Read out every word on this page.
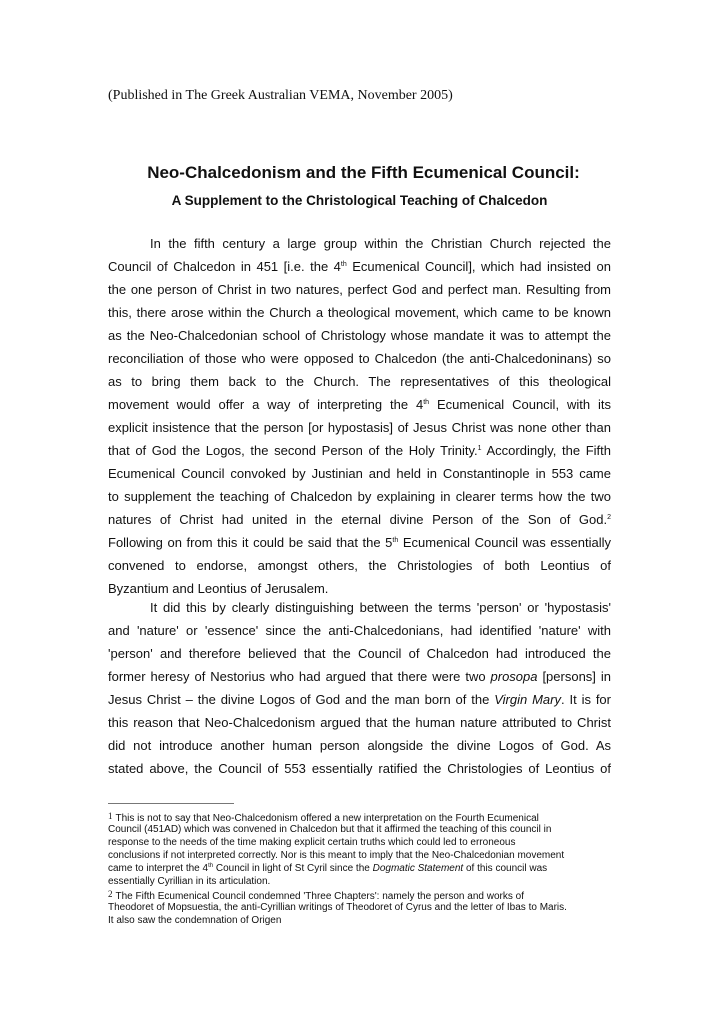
(Published in The Greek Australian VEMA, November 2005)
Neo-Chalcedonism and the Fifth Ecumenical Council:
A Supplement to the Christological Teaching of Chalcedon
In the fifth century a large group within the Christian Church rejected the
Council of Chalcedon in 451 [i.e. the 4th Ecumenical Council], which had insisted on
the one person of Christ in two natures, perfect God and perfect man. Resulting from
this, there arose within the Church a theological movement, which came to be known
as the Neo-Chalcedonian school of Christology whose mandate it was to attempt the
reconciliation of those who were opposed to Chalcedon (the anti-Chalcedoninans) so
as to bring them back to the Church. The representatives of this theological
movement would offer a way of interpreting the 4th Ecumenical Council, with its
explicit insistence that the person [or hypostasis] of Jesus Christ was none other than
that of God the Logos, the second Person of the Holy Trinity.$^1$ Accordingly, the Fifth
Ecumenical Council convoked by Justinian and held in Constantinople in 553 came
to supplement the teaching of Chalcedon by explaining in clearer terms how the two
natures of Christ had united in the eternal divine Person of the Son of God.$^2$
Following on from this it could be said that the 5th Ecumenical Council was essentially
convened to endorse, amongst others, the Christologies of both Leontius of
Byzantium and Leontius of Jerusalem.
It did this by clearly distinguishing between the terms 'person' or 'hypostasis'
and 'nature' or 'essence' since the anti-Chalcedonians, had identified 'nature' with
'person' and therefore believed that the Council of Chalcedon had introduced the
former heresy of Nestorius who had argued that there were two prosopa [persons] in
Jesus Christ – the divine Logos of God and the man born of the Virgin Mary. It is for
this reason that Neo-Chalcedonism argued that the human nature attributed to Christ
did not introduce another human person alongside the divine Logos of God. As
stated above, the Council of 553 essentially ratified the Christologies of Leontius of
1 This is not to say that Neo-Chalcedonism offered a new interpretation on the Fourth Ecumenical
Council (451AD) which was convened in Chalcedon but that it affirmed the teaching of this council in
response to the needs of the time making explicit certain truths which could led to erroneous
conclusions if not interpreted correctly. Nor is this meant to imply that the Neo-Chalcedonian movement
came to interpret the 4th Council in light of St Cyril since the Dogmatic Statement of this council was
essentially Cyrillian in its articulation.
2 The Fifth Ecumenical Council condemned 'Three Chapters': namely the person and works of
Theodoret of Mopsuestia, the anti-Cyrillian writings of Theodoret of Cyrus and the letter of Ibas to Maris.
It also saw the condemnation of Origen
